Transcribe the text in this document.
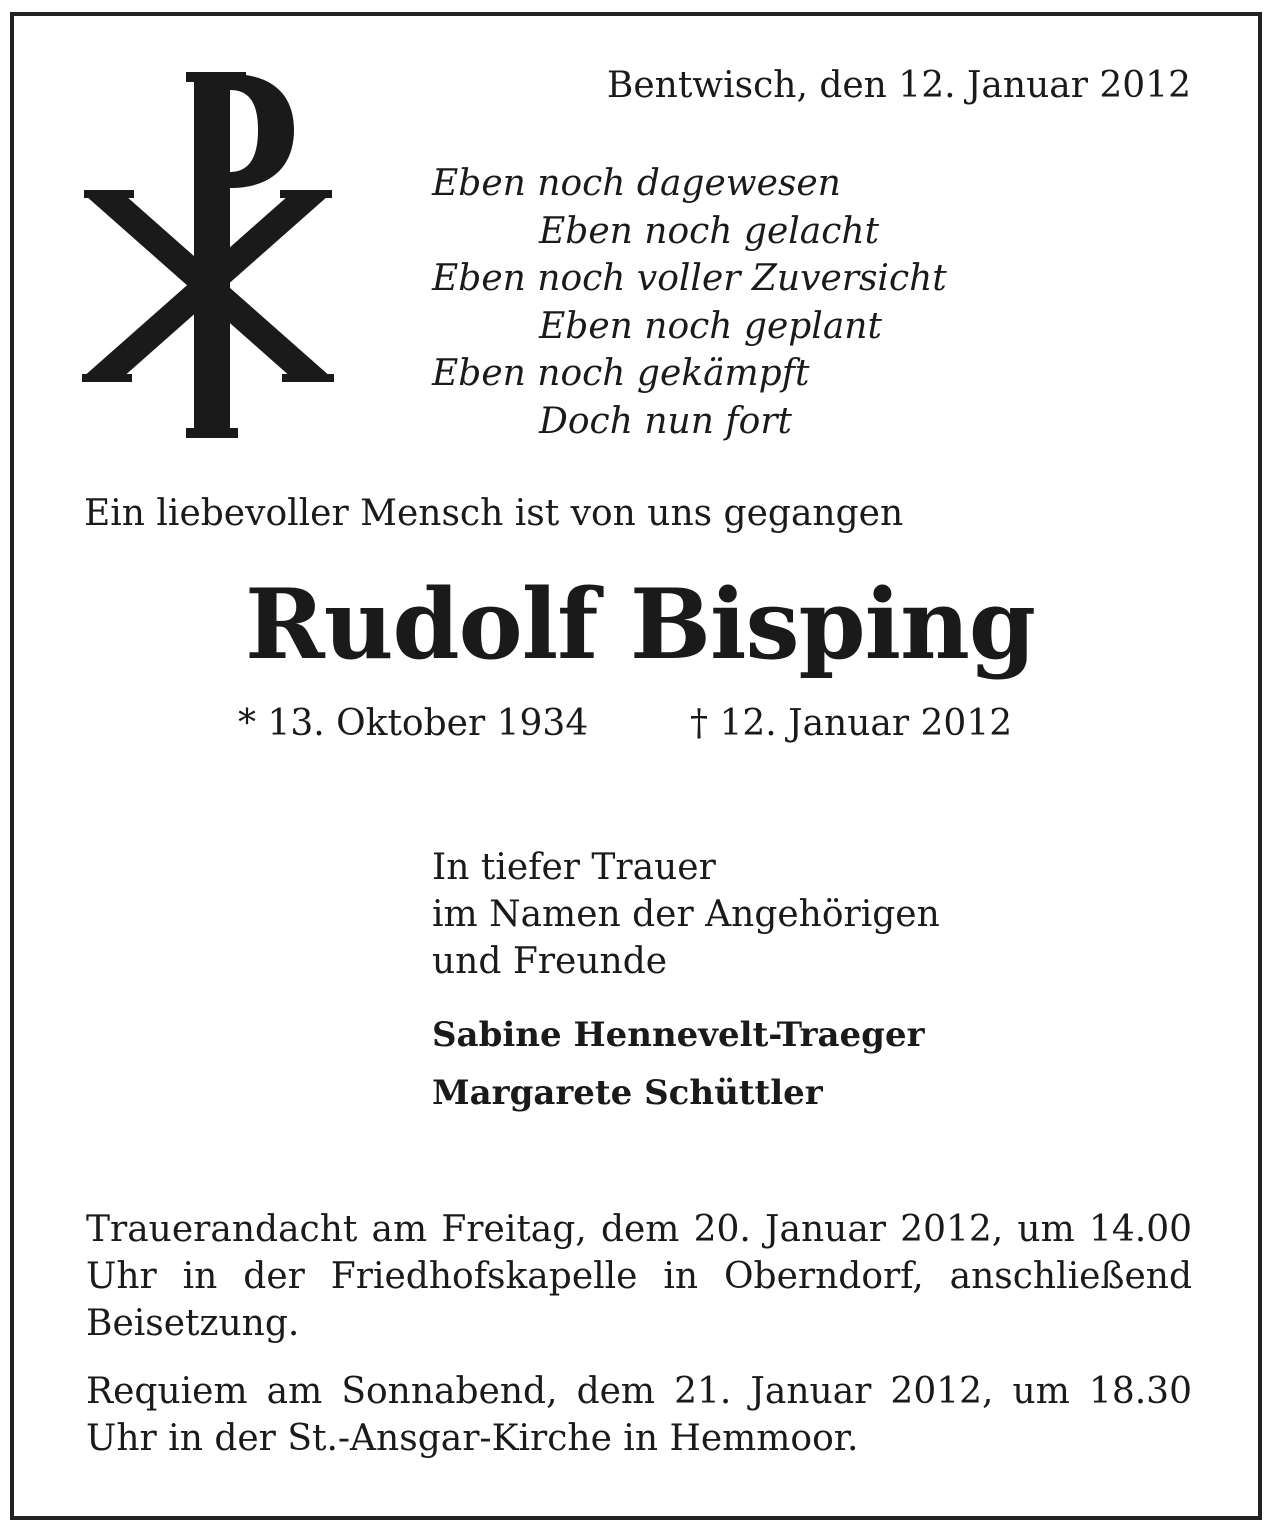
Bentwisch, den 12. Januar 2012
Eben noch dagewesen
Eben noch gelacht
Eben noch voller Zuversicht
Eben noch geplant
Eben noch gekämpft
Doch nun fort
Ein liebevoller Mensch ist von uns gegangen
Rudolf Bisping
* 13. Oktober 1934	† 12. Januar 2012
In tiefer Trauer
im Namen der Angehörigen
und Freunde
Sabine Hennevelt-Traeger
Margarete Schüttler
Trauerandacht am Freitag, dem 20. Januar 2012, um 14.00 Uhr in der Friedhofskapelle in Oberndorf, anschließend Beisetzung.
Requiem am Sonnabend, dem 21. Januar 2012, um 18.30 Uhr in der St.-Ansgar-Kirche in Hemmoor.
